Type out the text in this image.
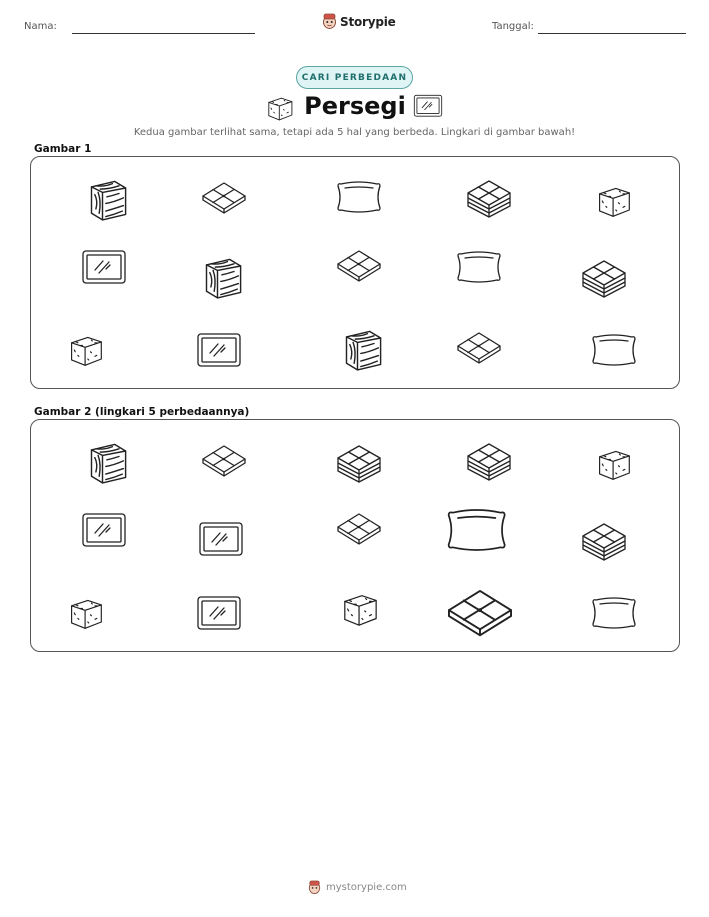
Nama:	Storypie	Tanggal:
CARI PERBEDAAN
Persegi
Kedua gambar terlihat sama, tetapi ada 5 hal yang berbeda. Lingkari di gambar bawah!
Gambar 1
Gambar 2 (lingkari 5 perbedaannya)
mystorypie.com
